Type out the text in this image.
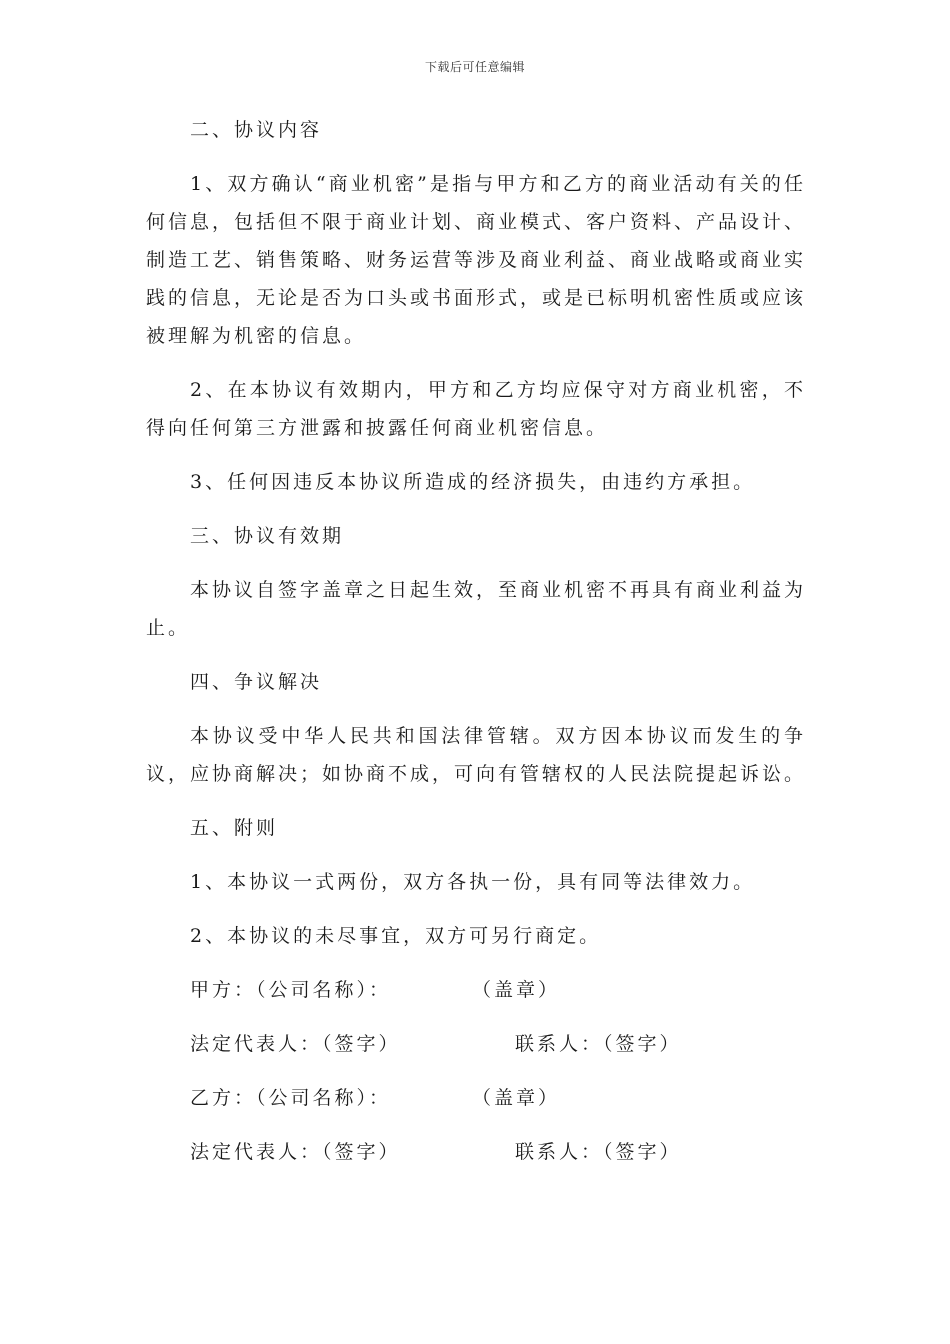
下载后可任意编辑

二、协议内容

1、双方确认“商业机密”是指与甲方和乙方的商业活动有关的任何信息，包括但不限于商业计划、商业模式、客户资料、产品设计、制造工艺、销售策略、财务运营等涉及商业利益、商业战略或商业实践的信息，无论是否为口头或书面形式，或是已标明机密性质或应该被理解为机密的信息。

2、在本协议有效期内，甲方和乙方均应保守对方商业机密，不得向任何第三方泄露和披露任何商业机密信息。

3、任何因违反本协议所造成的经济损失，由违约方承担。

三、协议有效期

本协议自签字盖章之日起生效，至商业机密不再具有商业利益为止。

四、争议解决

本协议受中华人民共和国法律管辖。双方因本协议而发生的争议，应协商解决；如协商不成，可向有管辖权的人民法院提起诉讼。

五、附则

1、本协议一式两份，双方各执一份，具有同等法律效力。

2、本协议的未尽事宜，双方可另行商定。

甲方：（公司名称）：	（盖章）
法定代表人：（签字）	联系人：（签字）
乙方：（公司名称）：	（盖章）
法定代表人：（签字）	联系人：（签字）
